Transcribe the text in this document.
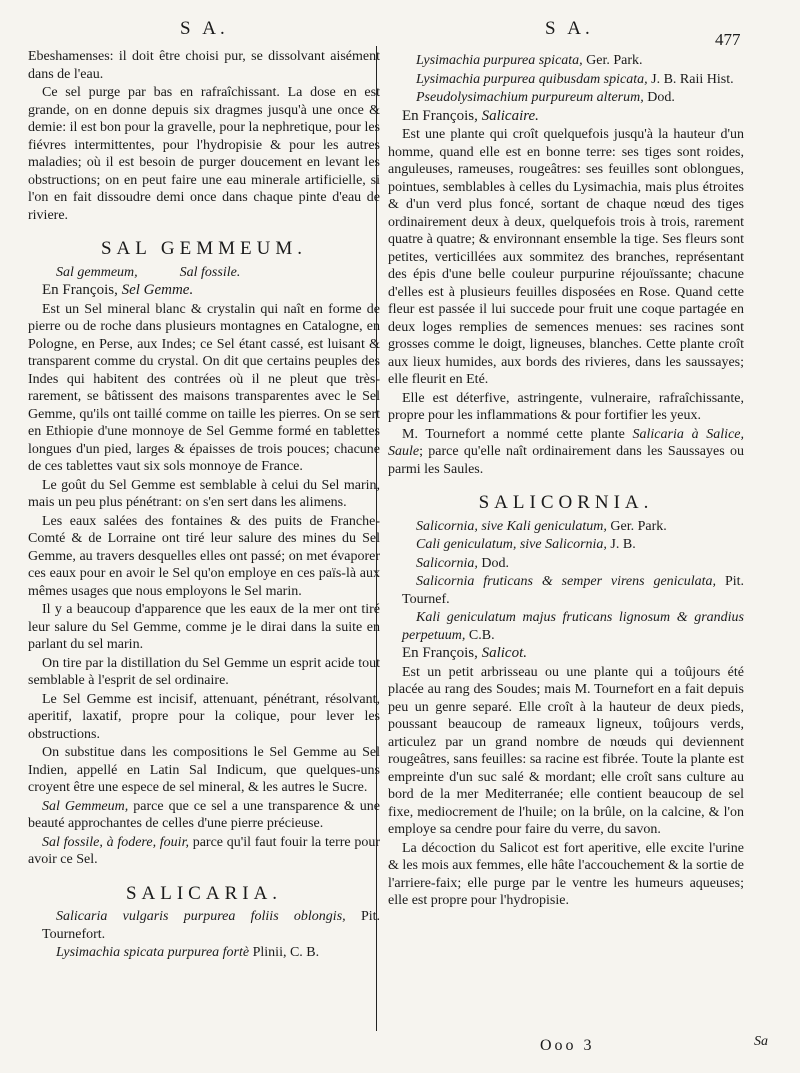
S A.	S A.
477

Ebeshamenses: il doit être choisi pur, se dissolvant aisément dans de l'eau.

Ce sel purge par bas en rafraîchissant. La dose en est grande, on en donne depuis six dragmes jusqu'à une once & demie: il est bon pour la gravelle, pour la nephretique, pour les fiévres intermittentes, pour l'hydropisie & pour les autres maladies; où il est besoin de purger doucement en levant les obstructions; on en peut faire une eau minerale artificielle, si l'on en fait dissoudre demi once dans chaque pinte d'eau de riviere.

SAL GEMMEUM.

Sal gemmeum,	Sal fossile.

En François, Sel Gemme.

Est un Sel mineral blanc & crystalin qui naît en forme de pierre ou de roche dans plusieurs montagnes en Catalogne, en Pologne, en Perse, aux Indes; ce Sel étant cassé, est luisant & transparent comme du crystal. On dit que certains peuples des Indes qui habitent des contrées où il ne pleut que très-rarement, se bâtissent des maisons transparentes avec le Sel Gemme, qu'ils ont taillé comme on taille les pierres. On se sert en Ethiopie d'une monnoye de Sel Gemme formé en tablettes longues d'un pied, larges & épaisses de trois pouces; chacune de ces tablettes vaut six sols monnoye de France.

Le goût du Sel Gemme est semblable à celui du Sel marin, mais un peu plus pénétrant: on s'en sert dans les alimens.

Les eaux salées des fontaines & des puits de Franche-Comté & de Lorraine ont tiré leur salure des mines du Sel Gemme, au travers desquelles elles ont passé; on met évaporer ces eaux pour en avoir le Sel qu'on employe en ces païs-là aux mêmes usages que nous employons le Sel marin.

Il y a beaucoup d'apparence que les eaux de la mer ont tiré leur salure du Sel Gemme, comme je le dirai dans la suite en parlant du sel marin.

On tire par la distillation du Sel Gemme un esprit acide tout semblable à l'esprit de sel ordinaire.

Le Sel Gemme est incisif, attenuant, pénétrant, résolvant, aperitif, laxatif, propre pour la colique, pour lever les obstructions.

On substitue dans les compositions le Sel Gemme au Sel Indien, appellé en Latin Sal Indicum, que quelques-uns croyent être une espece de sel mineral, & les autres le Sucre.

Sal Gemmeum, parce que ce sel a une transparence & une beauté approchantes de celles d'une pierre précieuse.

Sal fossile, à fodere, fouir, parce qu'il faut fouir la terre pour avoir ce Sel.

SALICARIA.

Salicaria vulgaris purpurea foliis oblongis, Pit. Tournefort.

Lysimachia spicata purpurea fortè Plinii, C. B.

Lysimachia purpurea spicata, Ger. Park.

Lysimachia purpurea quibusdam spicata, J. B. Raii Hist.

Pseudolysimachium purpureum alterum, Dod.

En François, Salicaire.

Est une plante qui croît quelquefois jusqu'à la hauteur d'un homme, quand elle est en bonne terre: ses tiges sont roides, anguleuses, rameuses, rougeâtres: ses feuilles sont oblongues, pointues, semblables à celles du Lysimachia, mais plus étroites & d'un verd plus foncé, sortant de chaque nœud des tiges ordinairement deux à deux, quelquefois trois à trois, rarement quatre à quatre; & environnant ensemble la tige. Ses fleurs sont petites, verticillées aux sommitez des branches, représentant des épis d'une belle couleur purpurine réjouïssante; chacune d'elles est à plusieurs feuilles disposées en Rose. Quand cette fleur est passée il lui succede pour fruit une coque partagée en deux loges remplies de semences menues: ses racines sont grosses comme le doigt, ligneuses, blanches. Cette plante croît aux lieux humides, aux bords des rivieres, dans les saussayes; elle fleurit en Eté.

Elle est déterfive, astringente, vulneraire, rafraîchissante, propre pour les inflammations & pour fortifier les yeux.

M. Tournefort a nommé cette plante Salicaria à Salice, Saule; parce qu'elle naît ordinairement dans les Saussayes ou parmi les Saules.

SALICORNIA.

Salicornia, sive Kali geniculatum, Ger. Park.

Cali geniculatum, sive Salicornia, J. B.

Salicornia, Dod.

Salicornia fruticans & semper virens geniculata, Pit. Tournef.

Kali geniculatum majus fruticans lignosum & grandius perpetuum, C.B.

En François, Salicot.

Est un petit arbrisseau ou une plante qui a toûjours été placée au rang des Soudes; mais M. Tournefort en a fait depuis peu un genre separé. Elle croît à la hauteur de deux pieds, poussant beaucoup de rameaux ligneux, toûjours verds, articulez par un grand nombre de nœuds qui deviennent rougeâtres, sans feuilles: sa racine est fibrée. Toute la plante est empreinte d'un suc salé & mordant; elle croît sans culture au bord de la mer Mediterranée; elle contient beaucoup de sel fixe, mediocrement de l'huile; on la brûle, on la calcine, & l'on employe sa cendre pour faire du verre, du savon.

La décoction du Salicot est fort aperitive, elle excite l'urine & les mois aux femmes, elle hâte l'accouchement & la sortie de l'arriere-faix; elle purge par le ventre les humeurs aqueuses; elle est propre pour l'hydropisie.

Ooo 3	Sa
